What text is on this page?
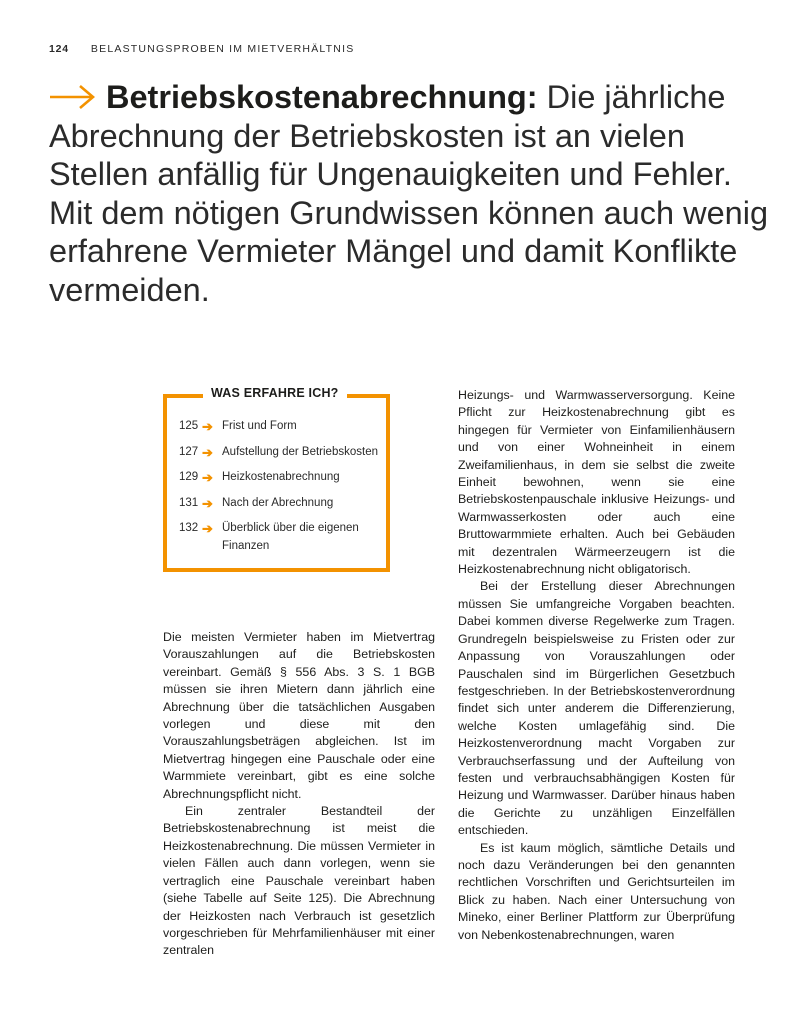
124 BELASTUNGSPROBEN IM MIETVERHÄLTNIS
Betriebskostenabrechnung: Die jährliche Abrechnung der Betriebskosten ist an vielen Stellen anfällig für Ungenauigkeiten und Fehler. Mit dem nötigen Grundwissen können auch wenig erfahrene Vermieter Mängel und damit Konflikte vermeiden.
WAS ERFAHRE ICH?
125 ➔ Frist und Form
127 ➔ Aufstellung der Betriebskosten
129 ➔ Heizkostenabrechnung
131 ➔ Nach der Abrechnung
132 ➔ Überblick über die eigenen Finanzen

Die meisten Vermieter haben im Mietvertrag Vorauszahlungen auf die Betriebskosten vereinbart. Gemäß § 556 Abs. 3 S. 1 BGB müssen sie ihren Mietern dann jährlich eine Abrechnung über die tatsächlichen Ausgaben vorlegen und diese mit den Vorauszahlungsbeträgen abgleichen. Ist im Mietvertrag hingegen eine Pauschale oder eine Warmmiete vereinbart, gibt es eine solche Abrechnungspflicht nicht.

Ein zentraler Bestandteil der Betriebskostenabrechnung ist meist die Heizkostenabrechnung. Die müssen Vermieter in vielen Fällen auch dann vorlegen, wenn sie vertraglich eine Pauschale vereinbart haben (siehe Tabelle auf Seite 125). Die Abrechnung der Heizkosten nach Verbrauch ist gesetzlich vorgeschrieben für Mehrfamilienhäuser mit einer zentralen

Heizungs- und Warmwasserversorgung. Keine Pflicht zur Heizkostenabrechnung gibt es hingegen für Vermieter von Einfamilienhäusern und von einer Wohneinheit in einem Zweifamilienhaus, in dem sie selbst die zweite Einheit bewohnen, wenn sie eine Betriebskostenpauschale inklusive Heizungs- und Warmwasserkosten oder auch eine Bruttowarmmiete erhalten. Auch bei Gebäuden mit dezentralen Wärmeerzeugern ist die Heizkostenabrechnung nicht obligatorisch.

Bei der Erstellung dieser Abrechnungen müssen Sie umfangreiche Vorgaben beachten. Dabei kommen diverse Regelwerke zum Tragen. Grundregeln beispielsweise zu Fristen oder zur Anpassung von Vorauszahlungen oder Pauschalen sind im Bürgerlichen Gesetzbuch festgeschrieben. In der Betriebskostenverordnung findet sich unter anderem die Differenzierung, welche Kosten umlagefähig sind. Die Heizkostenverordnung macht Vorgaben zur Verbrauchserfassung und der Aufteilung von festen und verbrauchsabhängigen Kosten für Heizung und Warmwasser. Darüber hinaus haben die Gerichte zu unzähligen Einzelfällen entschieden.

Es ist kaum möglich, sämtliche Details und noch dazu Veränderungen bei den genannten rechtlichen Vorschriften und Gerichtsurteilen im Blick zu haben. Nach einer Untersuchung von Mineko, einer Berliner Plattform zur Überprüfung von Nebenkostenabrechnungen, waren
